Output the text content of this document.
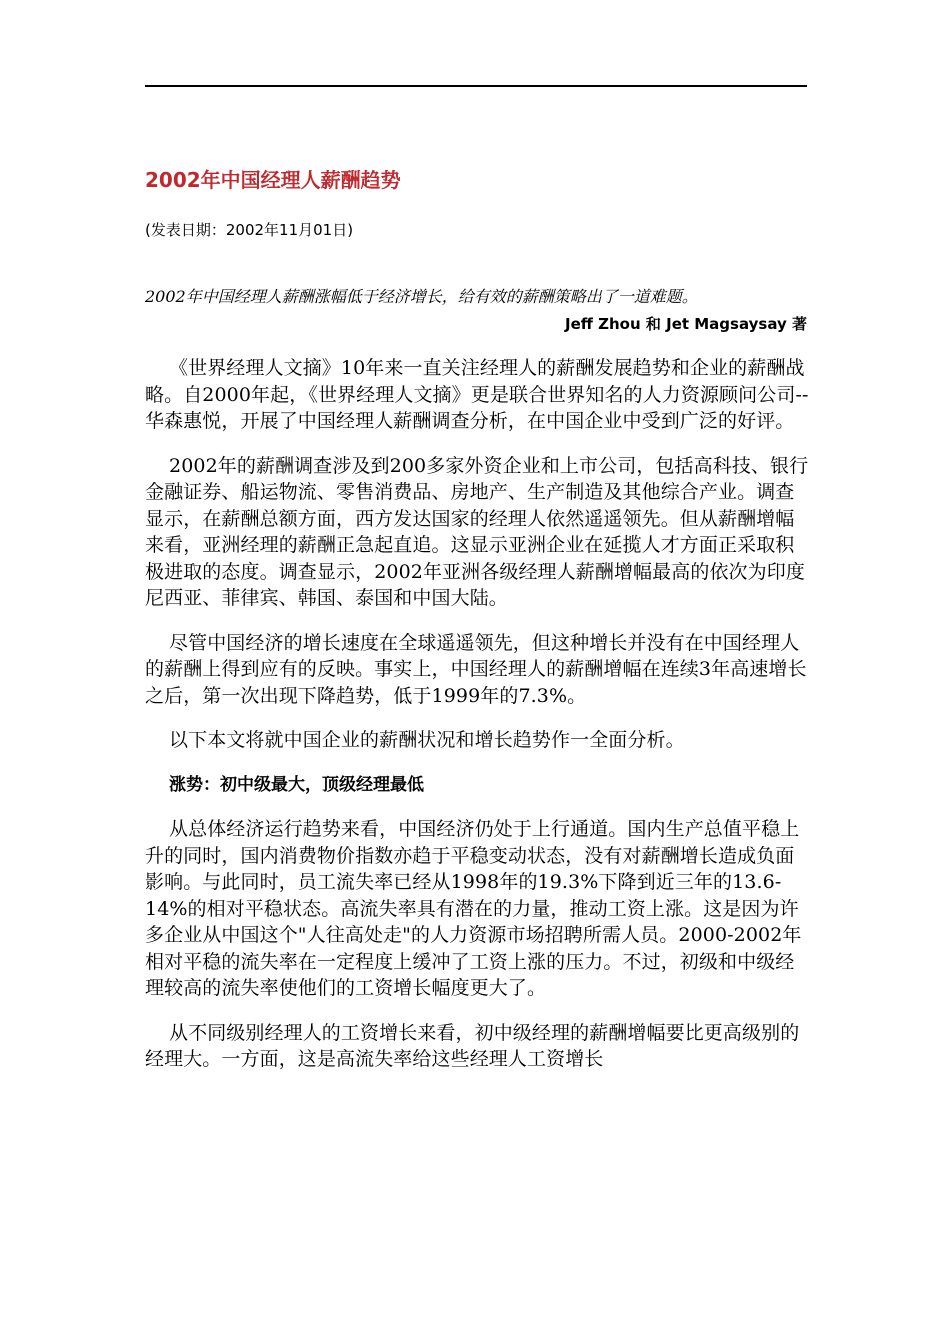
2002年中国经理人薪酬趋势

(发表日期：2002年11月01日)

2002年中国经理人薪酬涨幅低于经济增长，给有效的薪酬策略出了一道难题。

Jeff Zhou 和 Jet Magsaysay 著

《世界经理人文摘》10年来一直关注经理人的薪酬发展趋势和企业的薪酬战略。自2000年起，《世界经理人文摘》更是联合世界知名的人力资源顾问公司--华森惠悦，开展了中国经理人薪酬调查分析，在中国企业中受到广泛的好评。

2002年的薪酬调查涉及到200多家外资企业和上市公司，包括高科技、银行金融证券、船运物流、零售消费品、房地产、生产制造及其他综合产业。调查显示，在薪酬总额方面，西方发达国家的经理人依然遥遥领先。但从薪酬增幅来看，亚洲经理的薪酬正急起直追。这显示亚洲企业在延揽人才方面正采取积极进取的态度。调查显示，2002年亚洲各级经理人薪酬增幅最高的依次为印度尼西亚、菲律宾、韩国、泰国和中国大陆。

尽管中国经济的增长速度在全球遥遥领先，但这种增长并没有在中国经理人的薪酬上得到应有的反映。事实上，中国经理人的薪酬增幅在连续3年高速增长之后，第一次出现下降趋势，低于1999年的7.3%。

以下本文将就中国企业的薪酬状况和增长趋势作一全面分析。

涨势：初中级最大，顶级经理最低

从总体经济运行趋势来看，中国经济仍处于上行通道。国内生产总值平稳上升的同时，国内消费物价指数亦趋于平稳变动状态，没有对薪酬增长造成负面影响。与此同时，员工流失率已经从1998年的19.3%下降到近三年的13.6-14%的相对平稳状态。高流失率具有潜在的力量，推动工资上涨。这是因为许多企业从中国这个"人往高处走"的人力资源市场招聘所需人员。2000-2002年相对平稳的流失率在一定程度上缓冲了工资上涨的压力。不过，初级和中级经理较高的流失率使他们的工资增长幅度更大了。

从不同级别经理人的工资增长来看，初中级经理的薪酬增幅要比更高级别的经理大。一方面，这是高流失率给这些经理人工资增长
